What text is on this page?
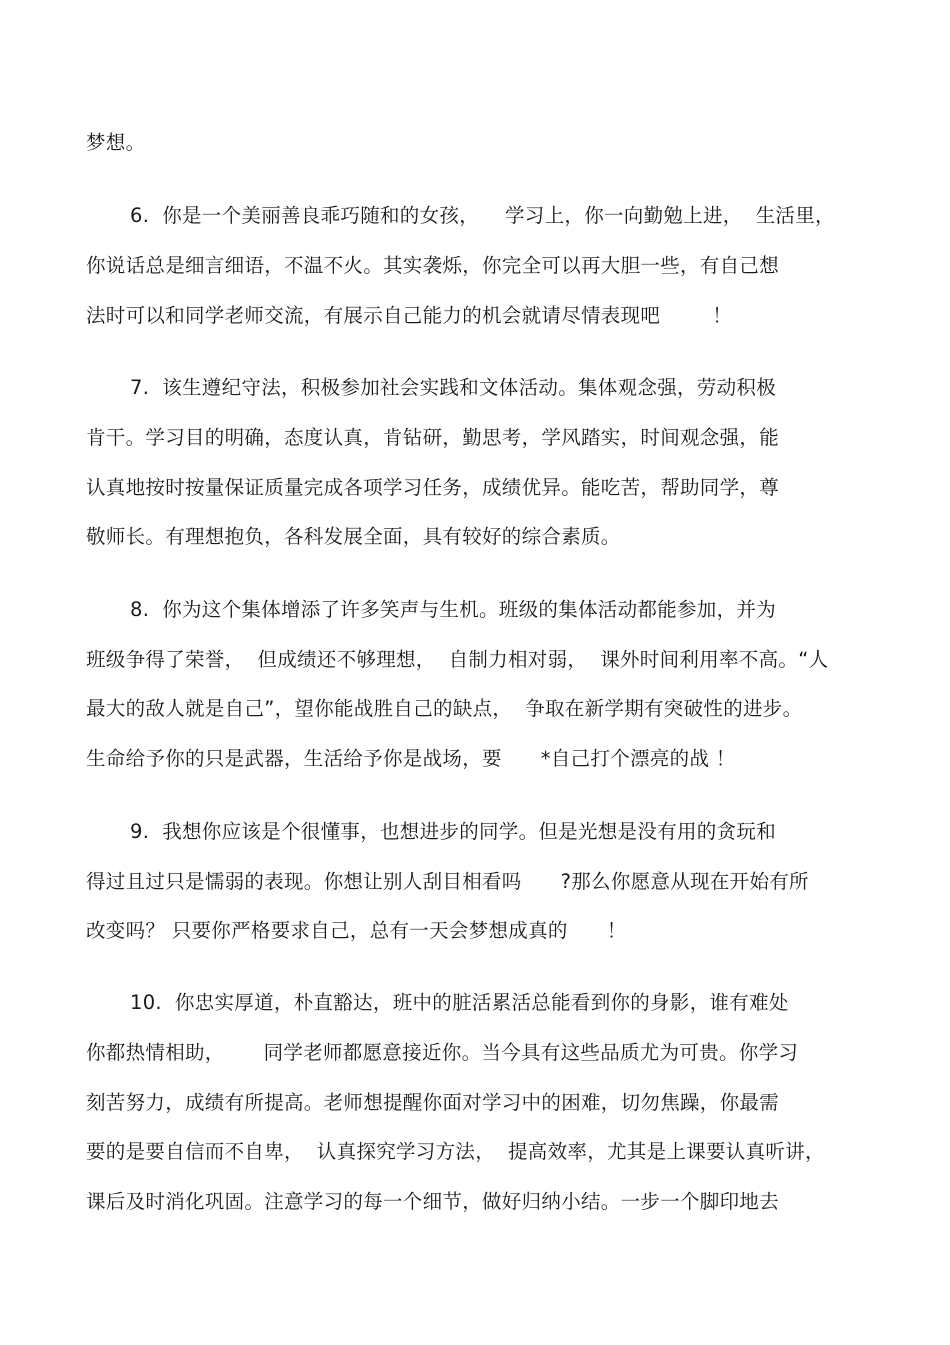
梦想。
6.  你是一个美丽善良乖巧随和的女孩，    学习上，你一向勤勉上进，  生活里，
你说话总是细言细语，不温不火。其实袭烁，你完全可以再大胆一些，有自己想
法时可以和同学老师交流，有展示自己能力的机会就请尽情表现吧        ！
7.  该生遵纪守法，积极参加社会实践和文体活动。集体观念强，劳动积极
肯干。学习目的明确，态度认真，肯钻研，勤思考，学风踏实，时间观念强，能
认真地按时按量保证质量完成各项学习任务，成绩优异。能吃苦，帮助同学，尊
敬师长。有理想抱负，各科发展全面，具有较好的综合素质。
8.  你为这个集体增添了许多笑声与生机。班级的集体活动都能参加，并为
班级争得了荣誉，  但成绩还不够理想，  自制力相对弱，  课外时间利用率不高。“人
最大的敌人就是自己”，望你能战胜自己的缺点，  争取在新学期有突破性的进步。
生命给予你的只是武器，生活给予你是战场，要      *自己打个漂亮的战 ！
9.  我想你应该是个很懂事，也想进步的同学。但是光想是没有用的贪玩和
得过且过只是懦弱的表现。你想让别人刮目相看吗      ?那么你愿意从现在开始有所
改变吗？ 只要你严格要求自己，总有一天会梦想成真的      ！
10.  你忠实厚道，朴直豁达，班中的脏活累活总能看到你的身影，谁有难处
你都热情相助，      同学老师都愿意接近你。当今具有这些品质尤为可贵。你学习
刻苦努力，成绩有所提高。老师想提醒你面对学习中的困难，切勿焦躁，你最需
要的是要自信而不自卑，  认真探究学习方法，  提高效率，尤其是上课要认真听讲，
课后及时消化巩固。注意学习的每一个细节，做好归纳小结。一步一个脚印地去
